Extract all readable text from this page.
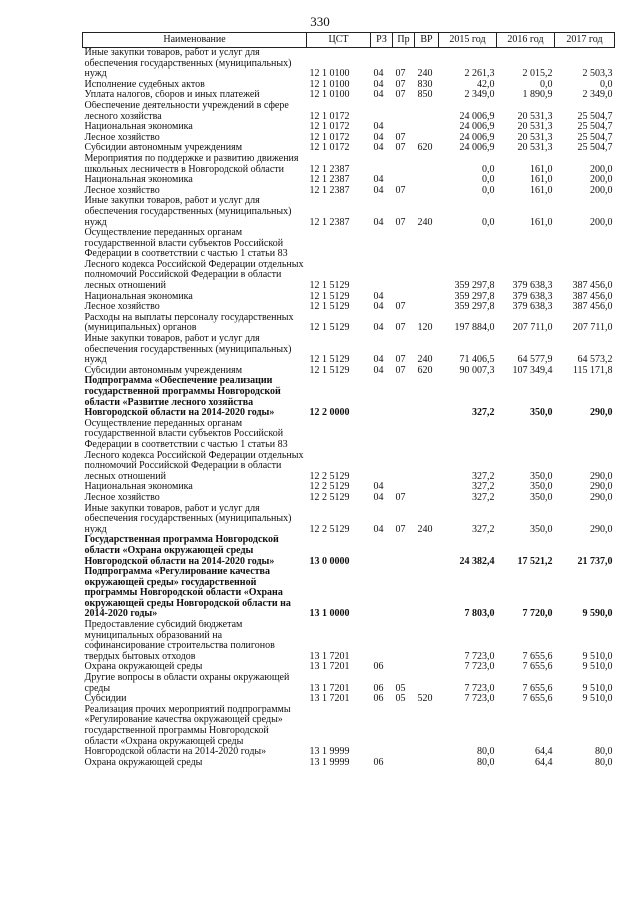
330
Наименование	ЦСТ	РЗ	Пр	ВР	2015 год	2016 год	2017 год
Иные закупки товаров, работ и услуг для обеспечения государственных (муниципальных) нужд	12 1 0100	04	07	240	2 261,3	2 015,2	2 503,3
Исполнение судебных актов	12 1 0100	04	07	830	42,0	0,0	0,0
Уплата налогов, сборов и иных платежей	12 1 0100	04	07	850	2 349,0	1 890,9	2 349,0
Обеспечение деятельности учреждений в сфере лесного хозяйства	12 1 0172				24 006,9	20 531,3	25 504,7
Национальная экономика	12 1 0172	04			24 006,9	20 531,3	25 504,7
Лесное хозяйство	12 1 0172	04	07		24 006,9	20 531,3	25 504,7
Субсидии автономным учреждениям	12 1 0172	04	07	620	24 006,9	20 531,3	25 504,7
Мероприятия по поддержке и развитию движения школьных лесничеств в Новгородской области	12 1 2387				0,0	161,0	200,0
Национальная экономика	12 1 2387	04			0,0	161,0	200,0
Лесное хозяйство	12 1 2387	04	07		0,0	161,0	200,0
Иные закупки товаров, работ и услуг для обеспечения государственных (муниципальных) нужд	12 1 2387	04	07	240	0,0	161,0	200,0
Осуществление переданных органам государственной власти субъектов Российской Федерации в соответствии с частью 1 статьи 83 Лесного кодекса Российской Федерации отдельных полномочий Российской Федерации в области лесных отношений	12 1 5129				359 297,8	379 638,3	387 456,0
Национальная экономика	12 1 5129	04			359 297,8	379 638,3	387 456,0
Лесное хозяйство	12 1 5129	04	07		359 297,8	379 638,3	387 456,0
Расходы на выплаты персоналу государственных (муниципальных) органов	12 1 5129	04	07	120	197 884,0	207 711,0	207 711,0
Иные закупки товаров, работ и услуг для обеспечения государственных (муниципальных) нужд	12 1 5129	04	07	240	71 406,5	64 577,9	64 573,2
Субсидии автономным учреждениям	12 1 5129	04	07	620	90 007,3	107 349,4	115 171,8
Подпрограмма «Обеспечение реализации государственной программы Новгородской области «Развитие лесного хозяйства Новгородской области на 2014-2020 годы»	12 2 0000				327,2	350,0	290,0
Осуществление переданных органам государственной власти субъектов Российской Федерации в соответствии с частью 1 статьи 83 Лесного кодекса Российской Федерации отдельных полномочий Российской Федерации в области лесных отношений	12 2 5129				327,2	350,0	290,0
Национальная экономика	12 2 5129	04			327,2	350,0	290,0
Лесное хозяйство	12 2 5129	04	07		327,2	350,0	290,0
Иные закупки товаров, работ и услуг для обеспечения государственных (муниципальных) нужд	12 2 5129	04	07	240	327,2	350,0	290,0
Государственная программа Новгородской области «Охрана окружающей среды Новгородской области на 2014-2020 годы»	13 0 0000				24 382,4	17 521,2	21 737,0
Подпрограмма «Регулирование качества окружающей среды» государственной программы Новгородской области «Охрана окружающей среды Новгородской области на 2014-2020 годы»	13 1 0000				7 803,0	7 720,0	9 590,0
Предоставление субсидий бюджетам муниципальных образований на софинансирование строительства полигонов твердых бытовых отходов	13 1 7201				7 723,0	7 655,6	9 510,0
Охрана окружающей среды	13 1 7201	06			7 723,0	7 655,6	9 510,0
Другие вопросы в области охраны окружающей среды	13 1 7201	06	05		7 723,0	7 655,6	9 510,0
Субсидии	13 1 7201	06	05	520	7 723,0	7 655,6	9 510,0
Реализация прочих мероприятий подпрограммы «Регулирование качества окружающей среды» государственной программы Новгородской области «Охрана окружающей среды Новгородской области на 2014-2020 годы»	13 1 9999				80,0	64,4	80,0
Охрана окружающей среды	13 1 9999	06			80,0	64,4	80,0
